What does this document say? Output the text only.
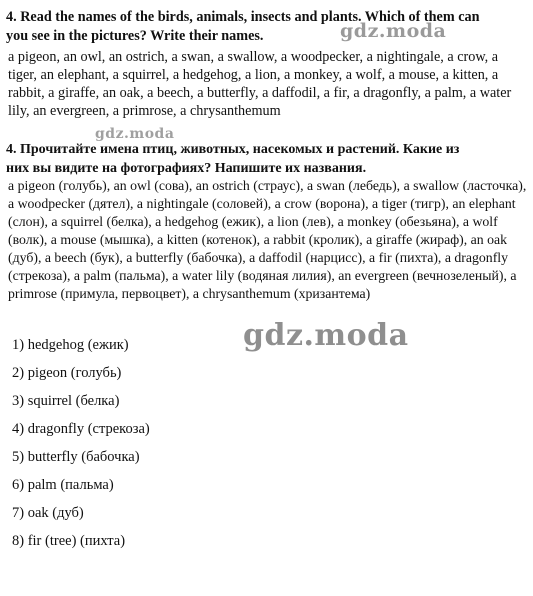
4. Read the names of the birds, animals, insects and plants. Which of them can
you see in the pictures? Write their names.	gdz.moda

a pigeon, an owl, an ostrich, a swan, a swallow, a woodpecker, a nightingale, a crow, a tiger, an elephant, a squirrel, a hedgehog, a lion, a monkey, a wolf, a mouse, a kitten, a rabbit, a giraffe, an oak, a beech, a butterfly, a daffodil, a fir, a dragonfly, a palm, a water lily, an evergreen, a primrose, a chrysanthemum

gdz.moda

4. Прочитайте имена птиц, животных, насекомых и растений. Какие из
них вы видите на фотографиях? Напишите их названия.

a pigeon (голубь), an owl (сова), an ostrich (страус), a swan (лебедь), a swallow (ласточка), a woodpecker (дятел), a nightingale (соловей), a crow (ворона), a tiger (тигр), an elephant (слон), a squirrel (белка), a hedgehog (ежик), a lion (лев), a monkey (обезьяна), a wolf (волк), a mouse (мышка), a kitten (котенок), a rabbit (кролик), a giraffe (жираф), an oak (дуб), a beech (бук), a butterfly (бабочка), a daffodil (нарцисс), a fir (пихта), a dragonfly (стрекоза), a palm (пальма), a water lily (водяная лилия), an evergreen (вечнозеленый), a primrose (примула, первоцвет), a chrysanthemum (хризантема)

gdz.moda
1) hedgehog (ежик)
2) pigeon (голубь)
3) squirrel (белка)
4) dragonfly (стрекоза)
5) butterfly (бабочка)
6) palm (пальма)
7) oak (дуб)
8) fir (tree) (пихта)
